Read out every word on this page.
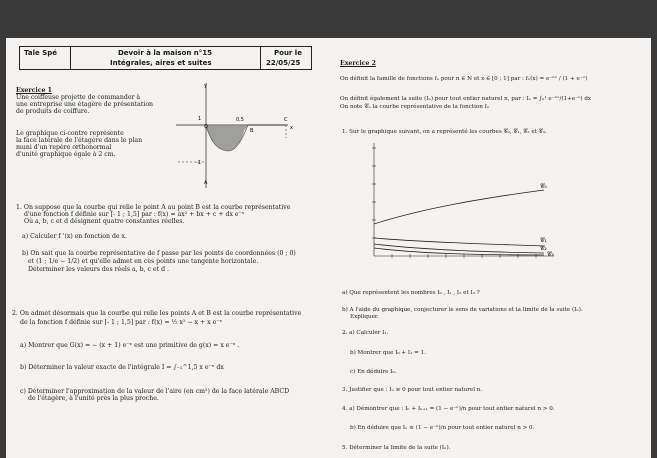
Tale Spé	Devoir à la maison n°15
Intégrales, aires et suites
Pour le
22/05/25
Exercice 1
Une coiffeuse projette de commander à
une entreprise une étagère de présentation
de produits de coiffure.
Le graphique ci-contre représente
la face latérale de l'étagère dans le plan
muni d'un repère orthonormal
d'unité graphique égale à 2 cm.
y
1
O
0,5	C
x
B
-1
A
1. On suppose que la courbe qui relie le point A au point B est la courbe représentative
d'une fonction f définie sur [- 1 ; 1,5] par : f(x) = ax² + bx + c + dx e⁻ˣ
Où a, b, c et d désignent quatre constantes réelles.
a) Calculer f '(x) en fonction de x.
b) On sait que la courbe représentative de f passe par les points de coordonnées (0 ; 0)
et (1 ; 1/e − 1/2) et qu'elle admet en ces points une tangente horizontale.
Déterminer les valeurs des réels a, b, c et d .
2. On admet désormais que la courbe qui relie les points A et B est la courbe représentative
de la fonction f définie sur [- 1 ; 1,5] par : f(x) = ½ x² − x + x e⁻ˣ
a) Montrer que G(x) = − (x + 1) e⁻ˣ est une primitive de g(x) = x e⁻ˣ .
b) Déterminer la valeur exacte de l'intégrale I = ∫₋₁^1,5 x e⁻ˣ dx
c) Déterminer l'approximation de la valeur de l'aire (en cm²) de la face latérale ABCD
de l'étagère, à l'unité près la plus proche.
Exercice 2
On définit la famille de fonctions fₙ pour n ∈ N et x ∈ [0 ; 1] par : fₙ(x) = e⁻ⁿˣ / (1 + e⁻ˣ)
On définit également la suite (Iₙ) pour tout entier naturel n, par : Iₙ = ∫₀¹ e⁻ⁿˣ/(1+e⁻ˣ) dx
On note 𝒞ₙ la courbe représentative de la fonction fₙ
1. Sur le graphique suivant, on a représenté les courbes 𝒞₀, 𝒞₁, 𝒞₂ et 𝒞₃.
𝒞₀
𝒞₁
𝒞₂
𝒞₃
a) Que représentent les nombres I₀ , I₁ , I₂ et I₃ ?
b) A l'aide du graphique, conjecturer le sens de variations et la limite de la suite (Iₙ).
Expliquer.
2. a) Calculer I₁.
b) Montrer que I₀ + I₁ = 1.
c) En déduire I₀.
3. Justifier que : Iₙ ≥ 0 pour tout entier naturel n.
4. a) Démontrer que : Iₙ + Iₙ₊₁ = (1 − e⁻ⁿ)/n pour tout entier naturel n > 0.
b) En déduire que Iₙ ≤ (1 − e⁻ⁿ)/n pour tout entier naturel n > 0.
5. Déterminer la limite de la suite (Iₙ).
